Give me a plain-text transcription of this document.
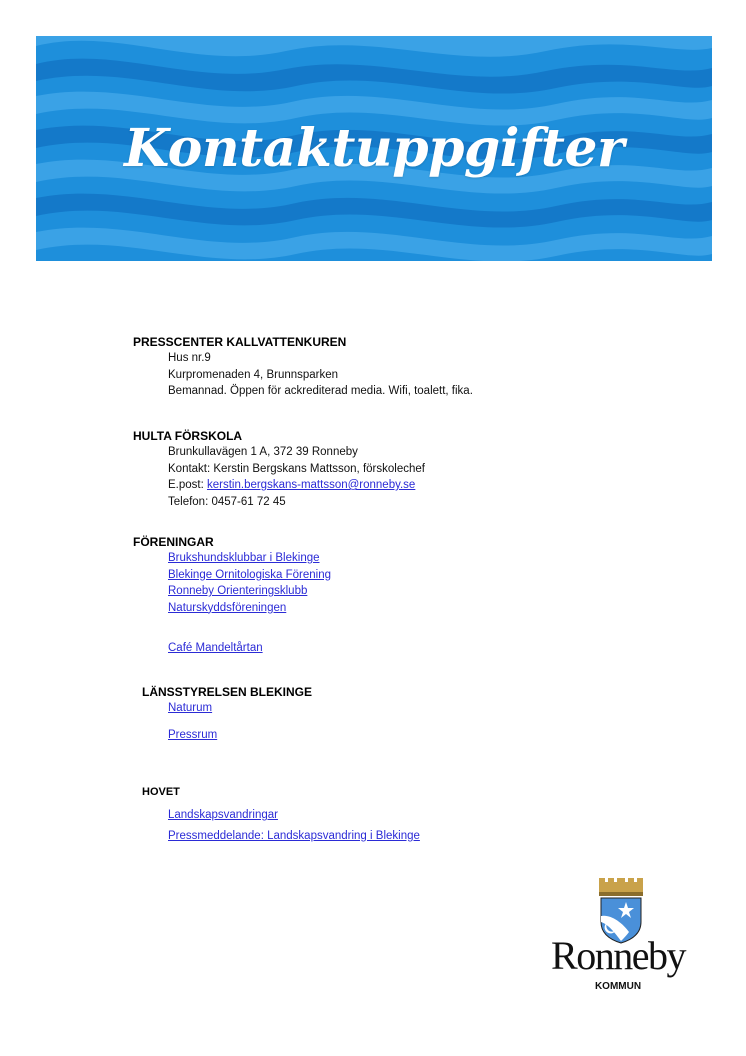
Kontaktuppgifter
PRESSCENTER KALLVATTENKUREN
Hus nr.9
Kurpromenaden 4, Brunnsparken
Bemannad. Öppen för ackrediterad media. Wifi, toalett, fika.
HULTA FÖRSKOLA
Brunkullavägen 1 A, 372 39 Ronneby
Kontakt: Kerstin Bergskans Mattsson, förskolechef
E.post: kerstin.bergskans-mattsson@ronneby.se
Telefon: 0457-61 72 45
FÖRENINGAR
Brukshundsklubbar i Blekinge
Blekinge Ornitologiska Förening
Ronneby Orienteringsklubb
Naturskyddsföreningen
Café Mandeltårtan
LÄNSSTYRELSEN BLEKINGE
Naturum
Pressrum
HOVET
Landskapsvandringar
Pressmeddelande: Landskapsvandring i Blekinge
Ronneby
KOMMUN
